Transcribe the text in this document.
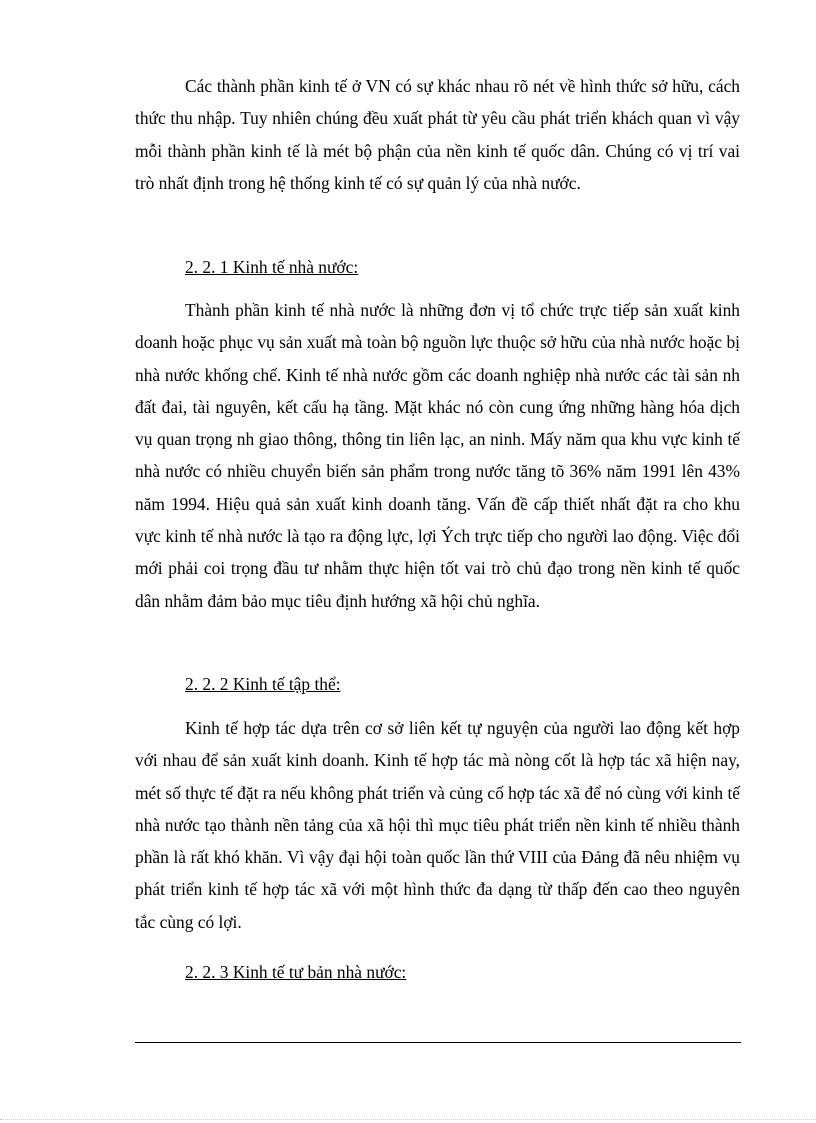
Các thành phần kinh tế ở VN có sự khác nhau rõ nét về hình thức sở hữu, cách thức thu nhập. Tuy nhiên chúng đều xuất phát từ yêu cầu phát triển khách quan vì vậy mỗi thành phần kinh tế là mét bộ phận của nền kinh tế quốc dân. Chúng có vị trí vai trò nhất định trong hệ thống kinh tế có sự quản lý của nhà nước.

2. 2. 1 Kinh tế nhà nước:

Thành phần kinh tế nhà nước là những đơn vị tổ chức trực tiếp sản xuất kinh doanh hoặc phục vụ sản xuất mà toàn bộ nguồn lực thuộc sở hữu của nhà nước hoặc bị nhà nước khống chế. Kinh tế nhà nước gồm các doanh nghiệp nhà nước các tài sản nh đất đai, tài nguyên, kết cấu hạ tầng. Mặt khác nó còn cung ứng những hàng hóa dịch vụ quan trọng nh giao thông, thông tin liên lạc, an ninh. Mấy năm qua khu vực kinh tế nhà nước có nhiều chuyển biến sản phẩm trong nước tăng tõ 36% năm 1991 lên 43% năm 1994. Hiệu quả sản xuất kinh doanh tăng. Vấn đề cấp thiết nhất đặt ra cho khu vực kinh tế nhà nước là tạo ra động lực, lợi Ých trực tiếp cho người lao động. Việc đổi mới phải coi trọng đầu tư nhằm thực hiện tốt vai trò chủ đạo trong nền kinh tế quốc dân nhằm đảm bảo mục tiêu định hướng xã hội chủ nghĩa.

2. 2. 2 Kinh tế tập thể:

Kinh tế hợp tác dựa trên cơ sở liên kết tự nguyện của người lao động kết hợp với nhau để sản xuất kinh doanh. Kinh tế hợp tác mà nòng cốt là hợp tác xã hiện nay, mét số thực tế đặt ra nếu không phát triển và củng cố hợp tác xã để nó cùng với kinh tế nhà nước tạo thành nền tảng của xã hội thì mục tiêu phát triển nền kinh tế nhiều thành phần là rất khó khăn. Vì vậy đại hội toàn quốc lần thứ VIII của Đảng đã nêu nhiệm vụ phát triển kinh tế hợp tác xã với một hình thức đa dạng từ thấp đến cao theo nguyên tắc cùng có lợi.

2. 2. 3 Kinh tế tư bản nhà nước:
